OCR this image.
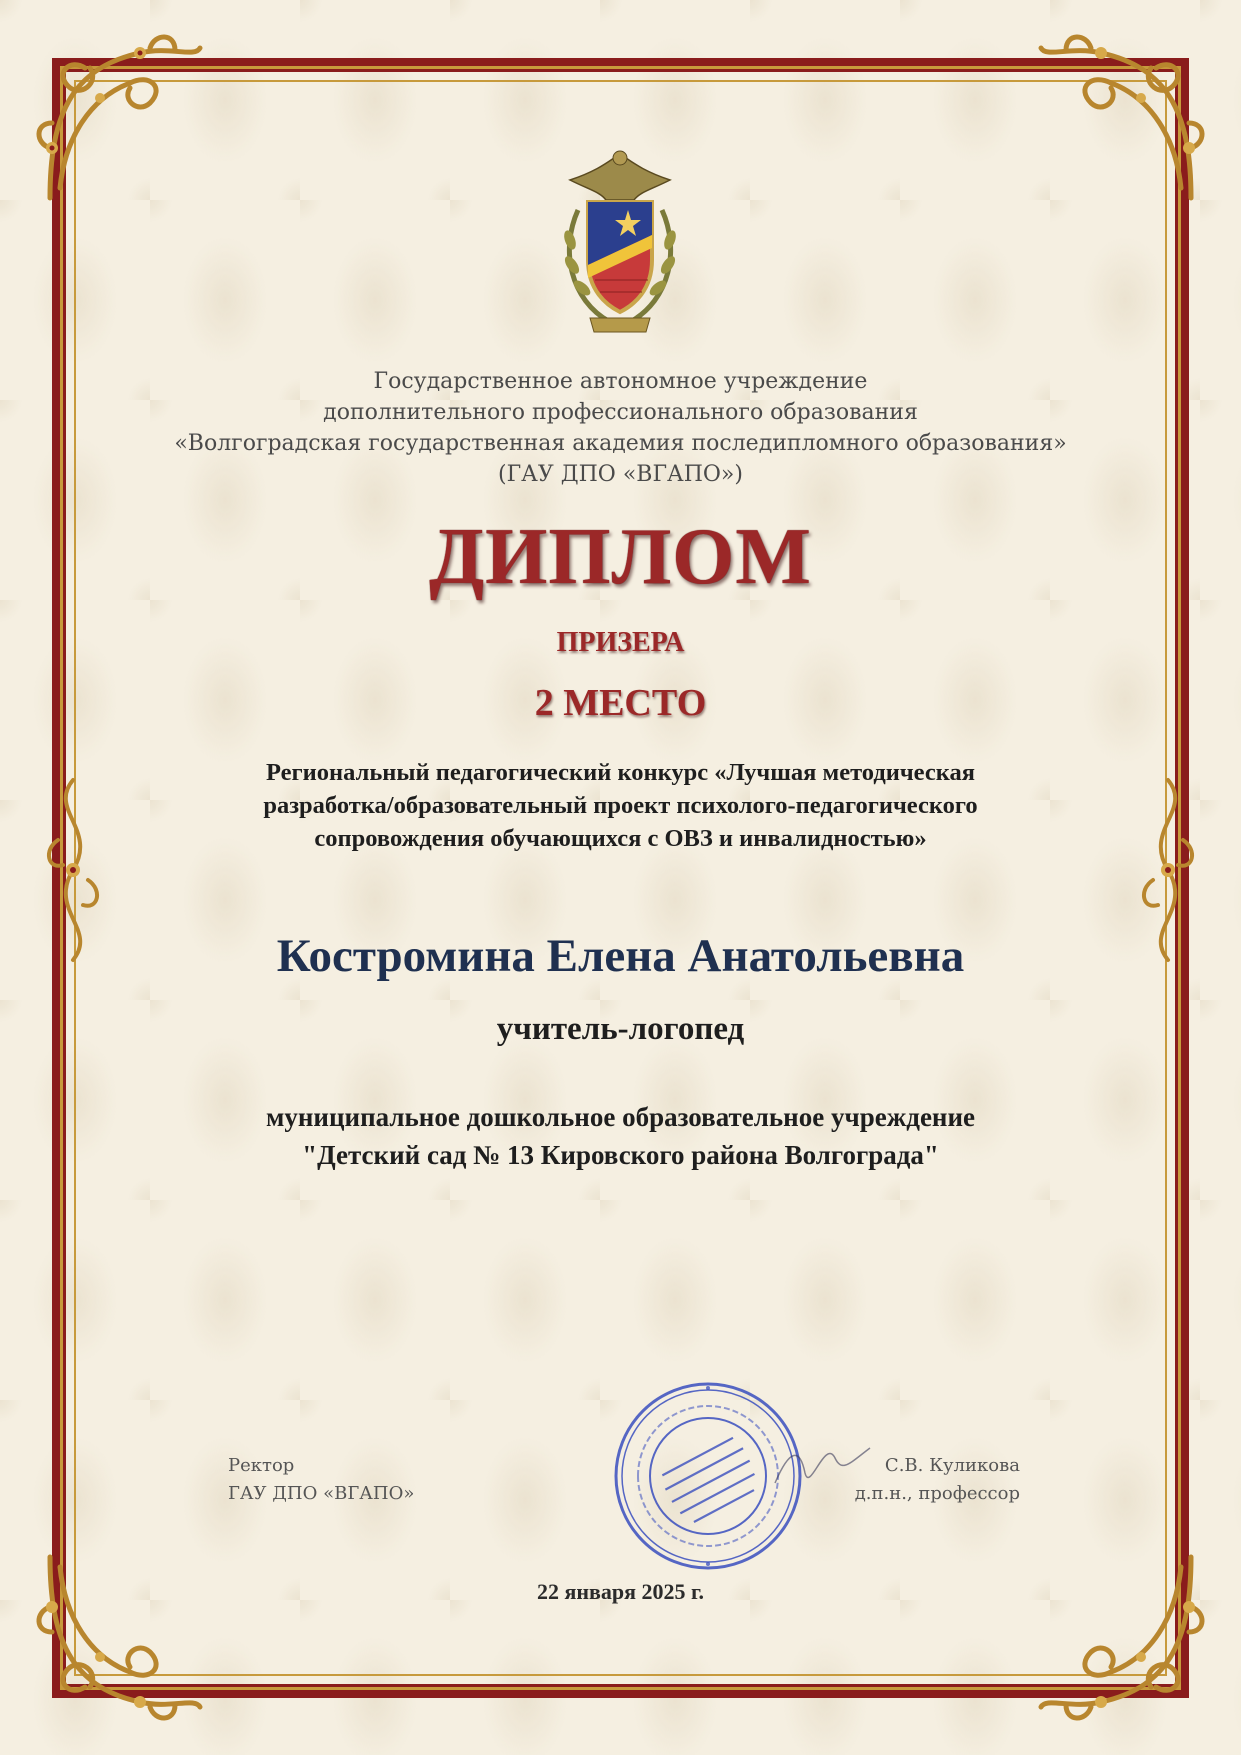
Государственное автономное учреждение
дополнительного профессионального образования
«Волгоградская государственная академия последипломного образования»
(ГАУ ДПО «ВГАПО»)
ДИПЛОМ
ПРИЗЕРА
2 МЕСТО
Региональный педагогический конкурс «Лучшая методическая
разработка/образовательный проект психолого-педагогического
сопровождения обучающихся с ОВЗ и инвалидностью»
Костромина Елена Анатольевна
учитель-логопед
муниципальное дошкольное образовательное учреждение
"Детский сад № 13 Кировского района Волгограда"
Ректор
ГАУ ДПО «ВГАПО»
С.В. Куликова
д.п.н., профессор
22 января 2025 г.
